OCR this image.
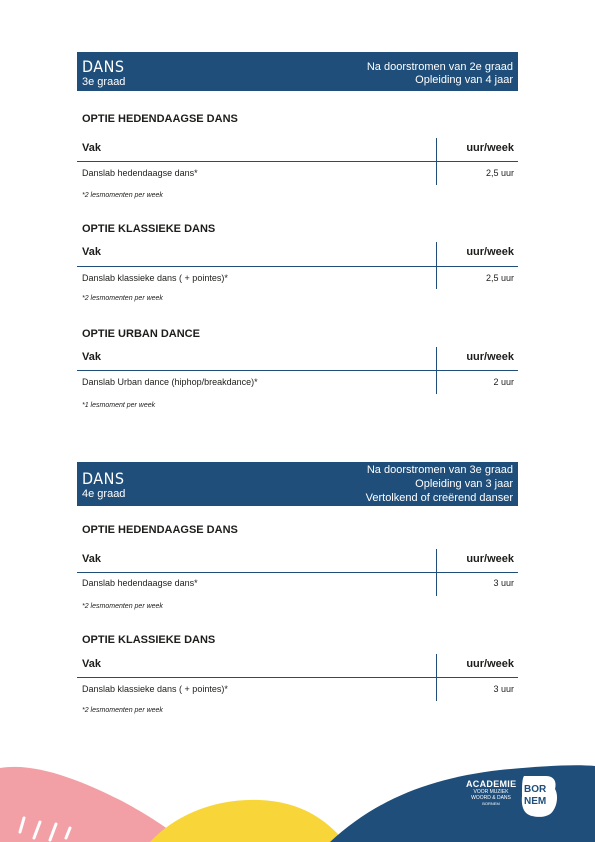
DANS
3e graad
Na doorstromen van 2e graad
Opleiding van 4 jaar
OPTIE HEDENDAAGSE DANS
Vak	uur/week
Danslab hedendaagse dans*	2,5 uur
*2 lesmomenten per week
OPTIE KLASSIEKE DANS
Vak	uur/week
Danslab klassieke dans ( + pointes)*	2,5 uur
*2 lesmomenten per week
OPTIE URBAN DANCE
Vak	uur/week
Danslab Urban dance (hiphop/breakdance)*	2 uur
*1 lesmoment per week
DANS
4e graad
Na doorstromen van 3e graad
Opleiding van 3 jaar
Vertolkend of creërend danser
OPTIE HEDENDAAGSE DANS
Vak	uur/week
Danslab hedendaagse dans*	3 uur
*2 lesmomenten per week
OPTIE KLASSIEKE DANS
Vak	uur/week
Danslab klassieke dans ( + pointes)*	3 uur
*2 lesmomenten per week
ACADEMIE
VOOR MUZIEK
WOORD & DANS
BORNEM
BOR
NEM
